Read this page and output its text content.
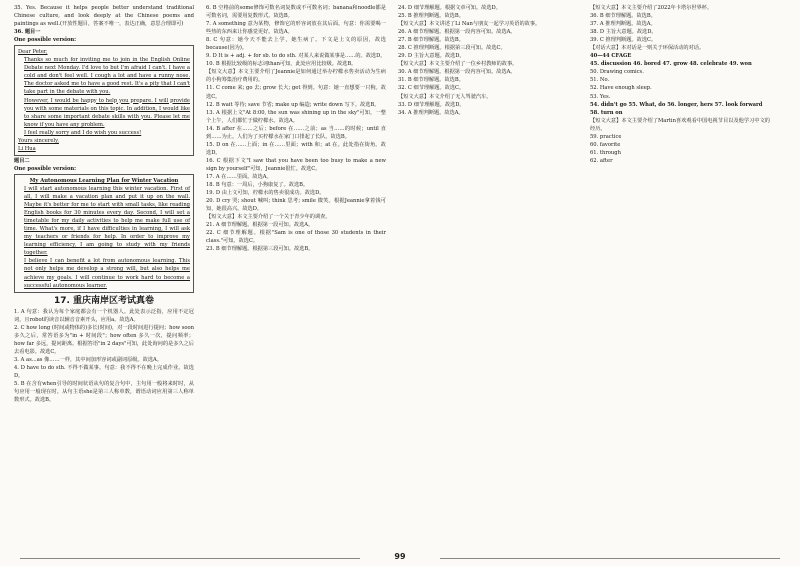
35. Yes. Because it helps people better understand traditional Chinese culture, and look deeply at the Chinese poems and paintings as well.(开放性题目，答案不唯一，表达正确，意思合理即可)

36. 题目一

One possible version:

Dear Peter,

Thanks so much for inviting me to join in the English Online Debate next Monday. I'd love to but I'm afraid I can't. I have a cold and don't feel well. I cough a lot and have a runny nose. The doctor asked me to have a good rest. It's a pity that I can't take part in the debate with you.

However, I would be happy to help you prepare. I will provide you with some materials on this topic. In addition, I would like to share some important debate skills with you. Please let me know if you have any problem.

I feel really sorry and I do wish you success!

Yours sincerely,

Li Hua

题目二

One possible version:

My Autonomous Learning Plan for Winter Vacation

I will start autonomous learning this winter vacation. First of all, I will make a vacation plan and put it up on the wall. Maybe it's better for me to start with small tasks, like reading English books for 30 minutes every day. Second, I will set a timetable for my daily activities to help me make full use of time. What's more, if I have difficulties in learning, I will ask my teachers or friends for help. In order to improve my learning efficiency, I am going to study with my friends together.

I believe I can benefit a lot from autonomous learning. This not only helps me develop a strong will, but also helps me achieve my goals. I will continue to work hard to become a successful autonomous learner.

17. 重庆南岸区考试真卷

1. A 句意：我认为每个家庭都会有一个机器人。此处表示泛指，应用不定冠词，且robot的读音以辅音音素开头，应用a。故选A。

2. C how long (时间或物体的)多长(时间)，对一段时间进行提问；how soon 多久之后，常答语多为"in + 时间段"；how often 多久一次，提问频率；how far 多远，提问距离。根据答语"in 2 days"可知，此处询问的是多久之后去看电影。故选C。

3. A as...as 像……一样，其中间加形容词或副词原级。故选A。

4. D have to do sth. 不得不做某事。句意：我不得不在晚上完成作业。故选D。

5. B 在含有when引导的时间状语从句的复合句中，主句用一般将来时时，从句应用一般现在时。从句主语she是第三人称单数，谓语动词应用第三人称单数形式。故选B。

6. B 空格前的some修饰可数名词复数或不可数名词；banana和noodle都是可数名词，需要用复数形式。故选B。

7. A something 意为某物，修饰它的形容词放在其后面。句意：你需要喝一些热的东西来让你感觉更好。故选A。

8. C 句意：她今天不能去上学，她生病了。下文是上文的原因，故选because(因为)。

9. D It is + adj. + for sb. to do sth. 对某人来说做某事是……的。故选D。

10. B 根据比较级的标志词than可知，此处应用比较级。故选B。

【短文大意】本文主要介绍了Jeannie是如何通过举办柠檬水售卖活动为生病的小狗筹集治疗费用的。

11. C come 来; go 去; grow 长大; get 得到。句意：她一直想要一只狗。故选C。

12. B wait 等待; save 节省; make up 编造; write down 写下。故选B。

13. A 根据上文"At 8:00, the sun was shining up in the sky"可知，一整个上午，人们都忙于做柠檬水。故选A。

14. B after 在……之后；before 在……之前；as 当……的时候；until 直到……为止。人们为了买柠檬水在家门口排起了长队。故选B。

15. D on 在……上面；in 在……里面；with 和；at 在。此处指在街角。故选D。

16. C 根据下文"I saw that you have been too busy to make a new sign by yourself"可知，Jeannie很忙。故选C。

17. A 在……里面。故选A。

18. B 句意：一周后，小狗康复了。故选B。

19. D 由上文可知，柠檬水的售卖很成功。故选D。

20. D cry 哭; shout 喊叫; think 思考; smile 微笑。根据Jeannie拿着钱可知，她很高兴。故选D。

【短文大意】本文主要介绍了一个关于青少年的调查。

21. A 细节理解题。根据第一段可知。故选A。

22. C 细节理解题。根据"Sam is one of those 30 students in their class."可知。故选C。

23. B 细节理解题。根据第三段可知。故选B。

24. D 细节理解题。根据文章可知。故选D。

25. B 推理判断题。故选B。

【短文大意】本文讲述了Li Nan与朋友一起学习英语的故事。

26. A 细节理解题。根据第一段内容可知。故选A。

27. B 细节理解题。故选B。

28. C 推理判断题。根据第三段可知。故选C。

29. D 主旨大意题。故选D。

【短文大意】本文主要介绍了一位乡村教师的故事。

30. A 细节理解题。根据第一段内容可知。故选A。

31. B 细节理解题。故选B。

32. C 细节理解题。故选C。

【短文大意】本文介绍了无人驾驶汽车。

33. D 细节理解题。故选D。

34. A 推理判断题。故选A。

【短文大意】本文主要介绍了2022年卡塔尔世界杯。

36. B 细节理解题。故选B。

37. A 推理判断题。故选A。

38. D 主旨大意题。故选D。

39. C 推理判断题。故选C。

【对话大意】本对话是一则关于环保活动的对话。

40—44 CFAGE

45. discussion 46. bored 47. grow 48. celebrate 49. won

50. Drawing comics.

51. No.

52. Have enough sleep.

53. Yes.

54. didn't go 55. What, do 56. longer, hers 57. look forward

58. turn on

【短文大意】本文主要介绍了Martin喜欢观看中国电视节目以及他学习中文的经历。

59. practice

60. favorite

61. through

62. after

99
